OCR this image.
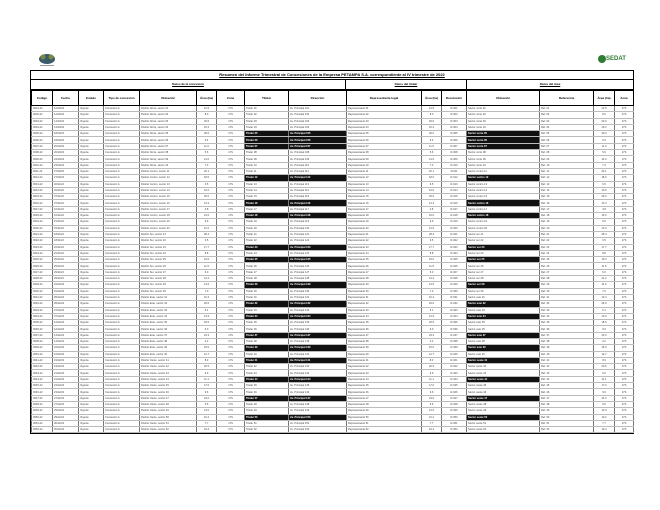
SEDAT
Resumen del Informe Trimestral de Concesiones de la Empresa PETAMPA S.A. correspondiente al IV trimestre de 2022
Datos de la concesión	Datos del titular	Datos del área
Código	Fecha	Estado	Tipo de concesión	Ubicación	Área (ha)	Zona	Titular	Dirección	Representante legal	Área (ha)	Resolución	Ubicación	Referencia	Área (ha)	Zona
0001-22	12/10/22	Vigente	Concesión A	Distrito Norte, sector 01	12.5	17S	Titular 01	Av. Principal 101	Representante 01	12.5	R-001	Sector norte 01	Ref. 01	12.5	17S
0002-22	12/10/22	Vigente	Concesión A	Distrito Norte, sector 02	8.0	17S	Titular 02	Av. Principal 102	Representante 02	8.0	R-002	Sector norte 02	Ref. 02	8.0	17S
0003-22	14/10/22	Vigente	Concesión A	Distrito Norte, sector 03	20.0	17S	Titular 03	Av. Principal 103	Representante 03	20.0	R-003	Sector norte 03	Ref. 03	20.0	17S
0004-22	14/10/22	Vigente	Concesión A	Distrito Norte, sector 04	15.2	17S	Titular 04	Av. Principal 104	Representante 04	15.2	R-004	Sector norte 04	Ref. 04	15.2	17S
0005-22	18/10/22	Vigente	Concesión A	Distrito Norte, sector 05	30.0	17S	Titular 05	Av. Principal 105	Representante 05	30.0	R-005	Sector norte 05	Ref. 05	30.0	17S
0006-22	18/10/22	Vigente	Concesión A	Distrito Norte, sector 06	9.4	17S	Titular 06	Av. Principal 106	Representante 06	9.4	R-006	Sector norte 06	Ref. 06	9.4	17S
0007-22	20/10/22	Vigente	Concesión A	Distrito Norte, sector 07	11.0	17S	Titular 07	Av. Principal 107	Representante 07	11.0	R-007	Sector norte 07	Ref. 07	11.0	17S
0008-22	20/10/22	Vigente	Concesión A	Distrito Norte, sector 08	5.6	17S	Titular 08	Av. Principal 108	Representante 08	5.6	R-008	Sector norte 08	Ref. 08	5.6	17S
0009-22	24/10/22	Vigente	Concesión A	Distrito Norte, sector 09	14.0	17S	Titular 09	Av. Principal 109	Representante 09	14.0	R-009	Sector norte 09	Ref. 09	14.0	17S
0010-22	24/10/22	Vigente	Concesión A	Distrito Norte, sector 10	7.3	17S	Titular 10	Av. Principal 110	Representante 10	7.3	R-010	Sector norte 10	Ref. 10	7.3	17S
0011-22	27/10/22	Vigente	Concesión A	Distrito Centro, sector 11	22.1	17S	Titular 11	Av. Principal 111	Representante 11	22.1	R-011	Sector centro 11	Ref. 11	22.1	17S
0012-22	27/10/22	Vigente	Concesión A	Distrito Centro, sector 12	18.0	17S	Titular 12	Av. Principal 112	Representante 12	18.0	R-012	Sector centro 12	Ref. 12	18.0	17S
0013-22	02/11/22	Vigente	Concesión A	Distrito Centro, sector 13	6.5	17S	Titular 13	Av. Principal 113	Representante 13	6.5	R-013	Sector centro 13	Ref. 13	6.5	17S
0014-22	02/11/22	Vigente	Concesión A	Distrito Centro, sector 14	10.0	17S	Titular 14	Av. Principal 114	Representante 14	10.0	R-014	Sector centro 14	Ref. 14	10.0	17S
0015-22	07/11/22	Vigente	Concesión A	Distrito Centro, sector 15	25.0	17S	Titular 15	Av. Principal 115	Representante 15	25.0	R-015	Sector centro 15	Ref. 15	25.0	17S
0016-22	07/11/22	Vigente	Concesión A	Distrito Centro, sector 16	13.3	17S	Titular 16	Av. Principal 116	Representante 16	13.3	R-016	Sector centro 16	Ref. 16	13.3	17S
0017-22	10/11/22	Vigente	Concesión A	Distrito Centro, sector 17	4.8	17S	Titular 17	Av. Principal 117	Representante 17	4.8	R-017	Sector centro 17	Ref. 17	4.8	17S
0018-22	10/11/22	Vigente	Concesión A	Distrito Centro, sector 18	16.0	17S	Titular 18	Av. Principal 118	Representante 18	16.0	R-018	Sector centro 18	Ref. 18	16.0	17S
0019-22	15/11/22	Vigente	Concesión A	Distrito Centro, sector 19	9.9	17S	Titular 19	Av. Principal 119	Representante 19	9.9	R-019	Sector centro 19	Ref. 19	9.9	17S
0020-22	15/11/22	Vigente	Concesión A	Distrito Centro, sector 20	12.0	17S	Titular 20	Av. Principal 120	Representante 20	12.0	R-020	Sector centro 20	Ref. 20	12.0	17S
0021-22	18/11/22	Vigente	Concesión A	Distrito Sur, sector 21	28.4	17S	Titular 21	Av. Principal 121	Representante 21	28.4	R-021	Sector sur 21	Ref. 21	28.4	17S
0022-22	18/11/22	Vigente	Concesión A	Distrito Sur, sector 22	3.5	17S	Titular 22	Av. Principal 122	Representante 22	3.5	R-022	Sector sur 22	Ref. 22	3.5	17S
0023-22	22/11/22	Vigente	Concesión A	Distrito Sur, sector 23	17.7	17S	Titular 23	Av. Principal 123	Representante 23	17.7	R-023	Sector sur 23	Ref. 23	17.7	17S
0024-22	22/11/22	Vigente	Concesión A	Distrito Sur, sector 24	8.8	17S	Titular 24	Av. Principal 124	Representante 24	8.8	R-024	Sector sur 24	Ref. 24	8.8	17S
0025-22	25/11/22	Vigente	Concesión A	Distrito Sur, sector 25	19.0	17S	Titular 25	Av. Principal 125	Representante 25	19.0	R-025	Sector sur 25	Ref. 25	19.0	17S
0026-22	25/11/22	Vigente	Concesión A	Distrito Sur, sector 26	11.5	17S	Titular 26	Av. Principal 126	Representante 26	11.5	R-026	Sector sur 26	Ref. 26	11.5	17S
0027-22	29/11/22	Vigente	Concesión A	Distrito Sur, sector 27	6.0	17S	Titular 27	Av. Principal 127	Representante 27	6.0	R-027	Sector sur 27	Ref. 27	6.0	17S
0028-22	29/11/22	Vigente	Concesión A	Distrito Sur, sector 28	21.2	17S	Titular 28	Av. Principal 128	Representante 28	21.2	R-028	Sector sur 28	Ref. 28	21.2	17S
0029-22	01/12/22	Vigente	Concesión A	Distrito Sur, sector 29	14.6	17S	Titular 29	Av. Principal 129	Representante 29	14.6	R-029	Sector sur 29	Ref. 29	14.6	17S
0030-22	01/12/22	Vigente	Concesión A	Distrito Sur, sector 30	7.0	17S	Titular 30	Av. Principal 130	Representante 30	7.0	R-030	Sector sur 30	Ref. 30	7.0	17S
0031-22	05/12/22	Vigente	Concesión A	Distrito Este, sector 31	10.4	17S	Titular 31	Av. Principal 131	Representante 31	10.4	R-031	Sector este 31	Ref. 31	10.4	17S
0032-22	05/12/22	Vigente	Concesión A	Distrito Este, sector 32	26.0	17S	Titular 32	Av. Principal 132	Representante 32	26.0	R-032	Sector este 32	Ref. 32	26.0	17S
0033-22	07/12/22	Vigente	Concesión A	Distrito Este, sector 33	5.1	17S	Titular 33	Av. Principal 133	Representante 33	5.1	R-033	Sector este 33	Ref. 33	5.1	17S
0034-22	07/12/22	Vigente	Concesión A	Distrito Este, sector 34	13.9	17S	Titular 34	Av. Principal 134	Representante 34	13.9	R-034	Sector este 34	Ref. 34	13.9	17S
0035-22	12/12/22	Vigente	Concesión A	Distrito Este, sector 35	18.5	17S	Titular 35	Av. Principal 135	Representante 35	18.5	R-035	Sector este 35	Ref. 35	18.5	17S
0036-22	12/12/22	Vigente	Concesión A	Distrito Este, sector 36	9.0	17S	Titular 36	Av. Principal 136	Representante 36	9.0	R-036	Sector este 36	Ref. 36	9.0	17S
0037-22	14/12/22	Vigente	Concesión A	Distrito Este, sector 37	23.3	17S	Titular 37	Av. Principal 137	Representante 37	23.3	R-037	Sector este 37	Ref. 37	23.3	17S
0038-22	14/12/22	Vigente	Concesión A	Distrito Este, sector 38	4.2	17S	Titular 38	Av. Principal 138	Representante 38	4.2	R-038	Sector este 38	Ref. 38	4.2	17S
0039-22	16/12/22	Vigente	Concesión A	Distrito Este, sector 39	15.0	17S	Titular 39	Av. Principal 139	Representante 39	15.0	R-039	Sector este 39	Ref. 39	15.0	17S
0040-22	16/12/22	Vigente	Concesión A	Distrito Este, sector 40	12.7	17S	Titular 40	Av. Principal 140	Representante 40	12.7	R-040	Sector este 40	Ref. 40	12.7	17S
0041-22	19/12/22	Vigente	Concesión A	Distrito Oeste, sector 41	8.3	17S	Titular 41	Av. Principal 141	Representante 41	8.3	R-041	Sector oeste 41	Ref. 41	8.3	17S
0042-22	19/12/22	Vigente	Concesión A	Distrito Oeste, sector 42	20.5	17S	Titular 42	Av. Principal 142	Representante 42	20.5	R-042	Sector oeste 42	Ref. 42	20.5	17S
0043-22	21/12/22	Vigente	Concesión A	Distrito Oeste, sector 43	6.9	17S	Titular 43	Av. Principal 143	Representante 43	6.9	R-043	Sector oeste 43	Ref. 43	6.9	17S
0044-22	21/12/22	Vigente	Concesión A	Distrito Oeste, sector 44	11.1	17S	Titular 44	Av. Principal 144	Representante 44	11.1	R-044	Sector oeste 44	Ref. 44	11.1	17S
0045-22	23/12/22	Vigente	Concesión A	Distrito Oeste, sector 45	17.0	17S	Titular 45	Av. Principal 145	Representante 45	17.0	R-045	Sector oeste 45	Ref. 45	17.0	17S
0046-22	23/12/22	Vigente	Concesión A	Distrito Oeste, sector 46	9.6	17S	Titular 46	Av. Principal 146	Representante 46	9.6	R-046	Sector oeste 46	Ref. 46	9.6	17S
0047-22	27/12/22	Vigente	Concesión A	Distrito Oeste, sector 47	24.0	17S	Titular 47	Av. Principal 147	Representante 47	24.0	R-047	Sector oeste 47	Ref. 47	24.0	17S
0048-22	27/12/22	Vigente	Concesión A	Distrito Oeste, sector 48	5.5	17S	Titular 48	Av. Principal 148	Representante 48	5.5	R-048	Sector oeste 48	Ref. 48	5.5	17S
0049-22	29/12/22	Vigente	Concesión A	Distrito Oeste, sector 49	13.0	17S	Titular 49	Av. Principal 149	Representante 49	13.0	R-049	Sector oeste 49	Ref. 49	13.0	17S
0050-22	29/12/22	Vigente	Concesión A	Distrito Oeste, sector 50	10.2	17S	Titular 50	Av. Principal 150	Representante 50	10.2	R-050	Sector oeste 50	Ref. 50	10.2	17S
0051-22	30/12/22	Vigente	Concesión A	Distrito Oeste, sector 51	7.7	17S	Titular 51	Av. Principal 151	Representante 51	7.7	R-051	Sector oeste 51	Ref. 51	7.7	17S
0052-22	30/12/22	Vigente	Concesión A	Distrito Oeste, sector 52	19.4	17S	Titular 52	Av. Principal 152	Representante 52	19.4	R-052	Sector oeste 52	Ref. 52	19.4	17S
